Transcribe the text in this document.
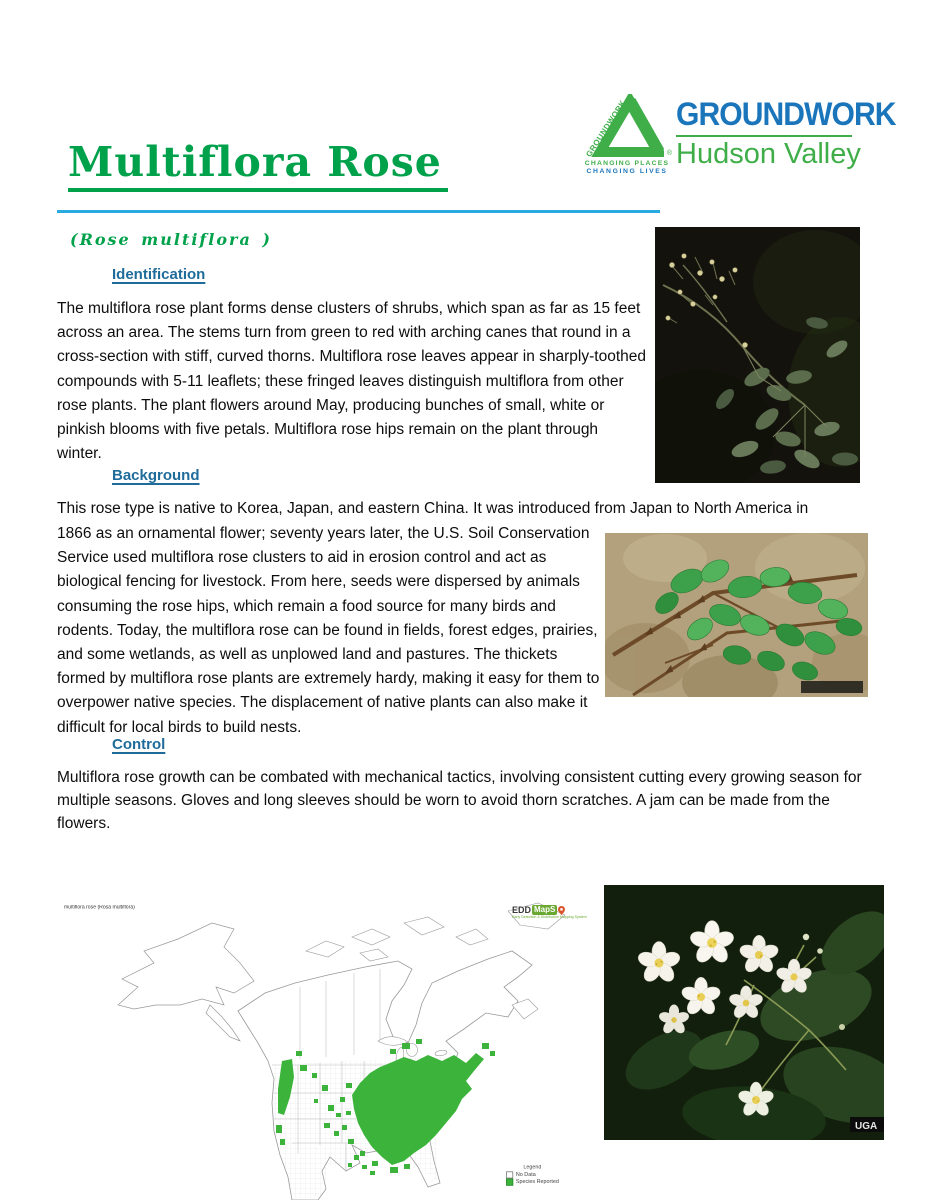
Multiflora Rose
GROUNDWORK	®
CHANGING PLACES
CHANGING LIVES
GROUNDWORK
Hudson Valley
(Rose multiflora )
Identification
The multiflora rose plant forms dense clusters of shrubs, which span as far as 15 feet across an area. The stems turn from green to red with arching canes that round in a cross-section with stiff, curved thorns. Multiflora rose leaves appear in sharply-toothed compounds with 5-11 leaflets; these fringed leaves distinguish multiflora from other rose plants. The plant flowers around May, producing bunches of small, white or pinkish blooms with five petals. Multiflora rose hips remain on the plant through winter.
Background
This rose type is native to Korea, Japan, and eastern China. It was introduced from Japan to North America in
1866 as an ornamental flower; seventy years later, the U.S. Soil Conservation Service used multiflora rose clusters to aid in erosion control and act as biological fencing for livestock. From here, seeds were dispersed by animals consuming the rose hips, which remain a food source for many birds and rodents. Today, the multiflora rose can be found in fields, forest edges, prairies, and some wetlands, as well as unplowed land and pastures. The thickets formed by multiflora rose plants are extremely hardy, making it easy for them to overpower native species. The displacement of native plants can also make it difficult for local birds to build nests.
Control
Multiflora rose growth can be combated with mechanical tactics, involving consistent cutting every growing season for multiple seasons. Gloves and long sleeves should be worn to avoid thorn scratches. A jam can be made from the flowers.
UGA
multiflora rose (Rosa multiflora)	EDD MapS
Early Detection & Distribution Mapping System
Legend
No Data
Species Reported
